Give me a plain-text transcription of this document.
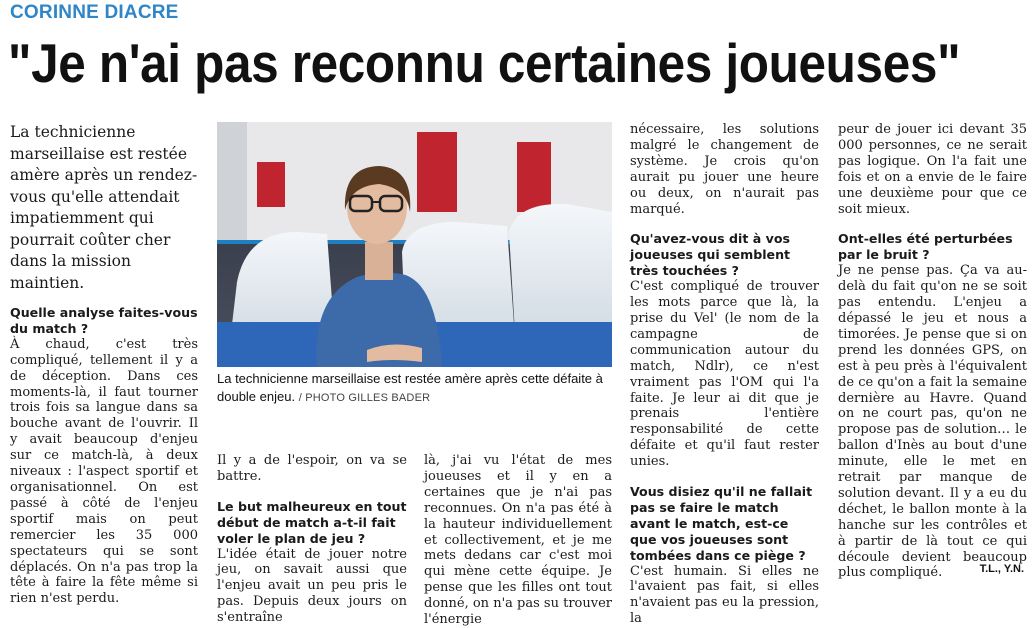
CORINNE DIACRE
"Je n'ai pas reconnu certaines joueuses"
La technicienne marseillaise est restée amère après un rendez-vous qu'elle attendait impatiemment qui pourrait coûter cher dans la mission maintien.
La technicienne marseillaise est restée amère après cette défaite à double enjeu. / PHOTO GILLES BADER

Quelle analyse faites-vous du match ?

À chaud, c'est très compliqué, tellement il y a de déception. Dans ces moments-là, il faut tourner trois fois sa langue dans sa bouche avant de l'ouvrir. Il y avait beaucoup d'enjeu sur ce match-là, à deux niveaux : l'aspect sportif et organisationnel. On est passé à côté de l'enjeu sportif mais on peut remercier les 35 000 spectateurs qui se sont déplacés. On n'a pas trop la tête à faire la fête même si rien n'est perdu.

Il y a de l'espoir, on va se battre.

Le but malheureux en tout début de match a-t-il fait voler le plan de jeu ?

L'idée était de jouer notre jeu, on savait aussi que l'enjeu avait un peu pris le pas. Depuis deux jours on s'entraîne

là, j'ai vu l'état de mes joueuses et il y en a certaines que je n'ai pas reconnues. On n'a pas été à la hauteur individuellement et collectivement, et je me mets dedans car c'est moi qui mène cette équipe. Je pense que les filles ont tout donné, on n'a pas su trouver l'énergie

nécessaire, les solutions malgré le changement de système. Je crois qu'on aurait pu jouer une heure ou deux, on n'aurait pas marqué.

Qu'avez-vous dit à vos joueuses qui semblent très touchées ?

C'est compliqué de trouver les mots parce que là, la prise du Vel' (le nom de la campagne de communication autour du match, Ndlr), ce n'est vraiment pas l'OM qui l'a faite. Je leur ai dit que je prenais l'entière responsabilité de cette défaite et qu'il faut rester unies.

Vous disiez qu'il ne fallait pas se faire le match avant le match, est-ce que vos joueuses sont tombées dans ce piège ?

C'est humain. Si elles ne l'avaient pas fait, si elles n'avaient pas eu la pression, la

peur de jouer ici devant 35 000 personnes, ce ne serait pas logique. On l'a fait une fois et on a envie de le faire une deuxième pour que ce soit mieux.

Ont-elles été perturbées par le bruit ?

Je ne pense pas. Ça va au-delà du fait qu'on ne se soit pas entendu. L'enjeu a dépassé le jeu et nous a timorées. Je pense que si on prend les données GPS, on est à peu près à l'équivalent de ce qu'on a fait la semaine dernière au Havre. Quand on ne court pas, qu'on ne propose pas de solution… le ballon d'Inès au bout d'une minute, elle le met en retrait par manque de solution devant. Il y a eu du déchet, le ballon monte à la hanche sur les contrôles et à partir de là tout ce qui découle devient beaucoup plus compliqué.	T.L., Y.N.
